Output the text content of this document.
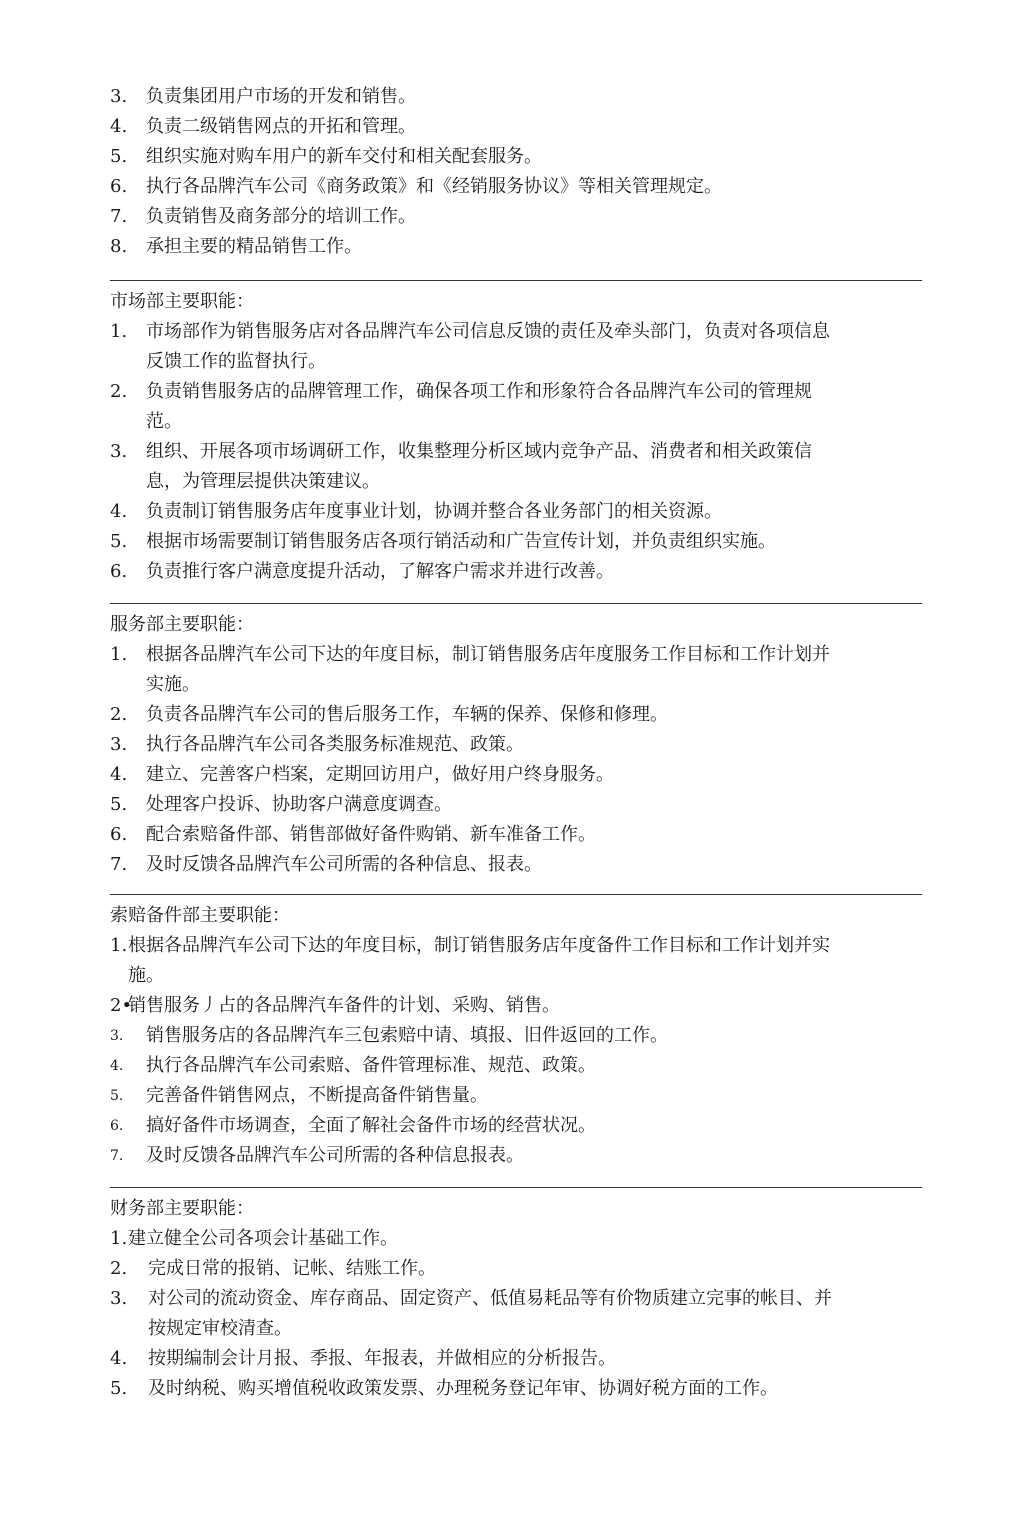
3.	负责集团用户市场的开发和销售。
4.	负责二级销售网点的开拓和管理。
5.	组织实施对购车用户的新车交付和相关配套服务。
6.	执行各品牌汽车公司《商务政策》和《经销服务协议》等相关管理规定。
7.	负责销售及商务部分的培训工作。
8.	承担主要的精品销售工作。
市场部主要职能：
1.	市场部作为销售服务店对各品牌汽车公司信息反馈的责任及牵头部门，负责对各项信息反馈工作的监督执行。
2.	负责销售服务店的品牌管理工作，确保各项工作和形象符合各品牌汽车公司的管理规范。
3.	组织、开展各项市场调研工作，收集整理分析区域内竞争产品、消费者和相关政策信息，为管理层提供决策建议。
4.	负责制订销售服务店年度事业计划，协调并整合各业务部门的相关资源。
5.	根据市场需要制订销售服务店各项行销活动和广告宣传计划，并负责组织实施。
6.	负责推行客户满意度提升活动，了解客户需求并进行改善。
服务部主要职能：
1.	根据各品牌汽车公司下达的年度目标，制订销售服务店年度服务工作目标和工作计划并实施。
2.	负责各品牌汽车公司的售后服务工作，车辆的保养、保修和修理。
3.	执行各品牌汽车公司各类服务标准规范、政策。
4.	建立、完善客户档案，定期回访用户，做好用户终身服务。
5.	处理客户投诉、协助客户满意度调查。
6.	配合索赔备件部、销售部做好备件购销、新车准备工作。
7.	及时反馈各品牌汽车公司所需的各种信息、报表。
索赔备件部主要职能：
1. 根据各品牌汽车公司下达的年度目标，制订销售服务店年度备件工作目标和工作计划并实施。
2•
销售服务丿占的各品牌汽车备件的计划、采购、销售。
3.	销售服务店的各品牌汽车三包索赔中请、填报、旧件返回的工作。
4.	执行各品牌汽车公司索赔、备件管理标准、规范、政策。
5.	完善备件销售网点，不断提高备件销售量。
6.	搞好备件市场调查，全面了解社会备件市场的经营状况。
7.	及时反馈各品牌汽车公司所需的各种信息报表。
财务部主要职能：
1. 建立健全公司各项会计基础工作。
2.	完成日常的报销、记帐、结账工作。
3.	对公司的流动资金、库存商品、固定资产、低值易耗品等有价物质建立完事的帐目、并按规定审校清查。
4.	按期编制会计月报、季报、年报表，并做相应的分析报告。
5.	及时纳税、购买增值税收政策发票、办理税务登记年审、协调好税方面的工作。
